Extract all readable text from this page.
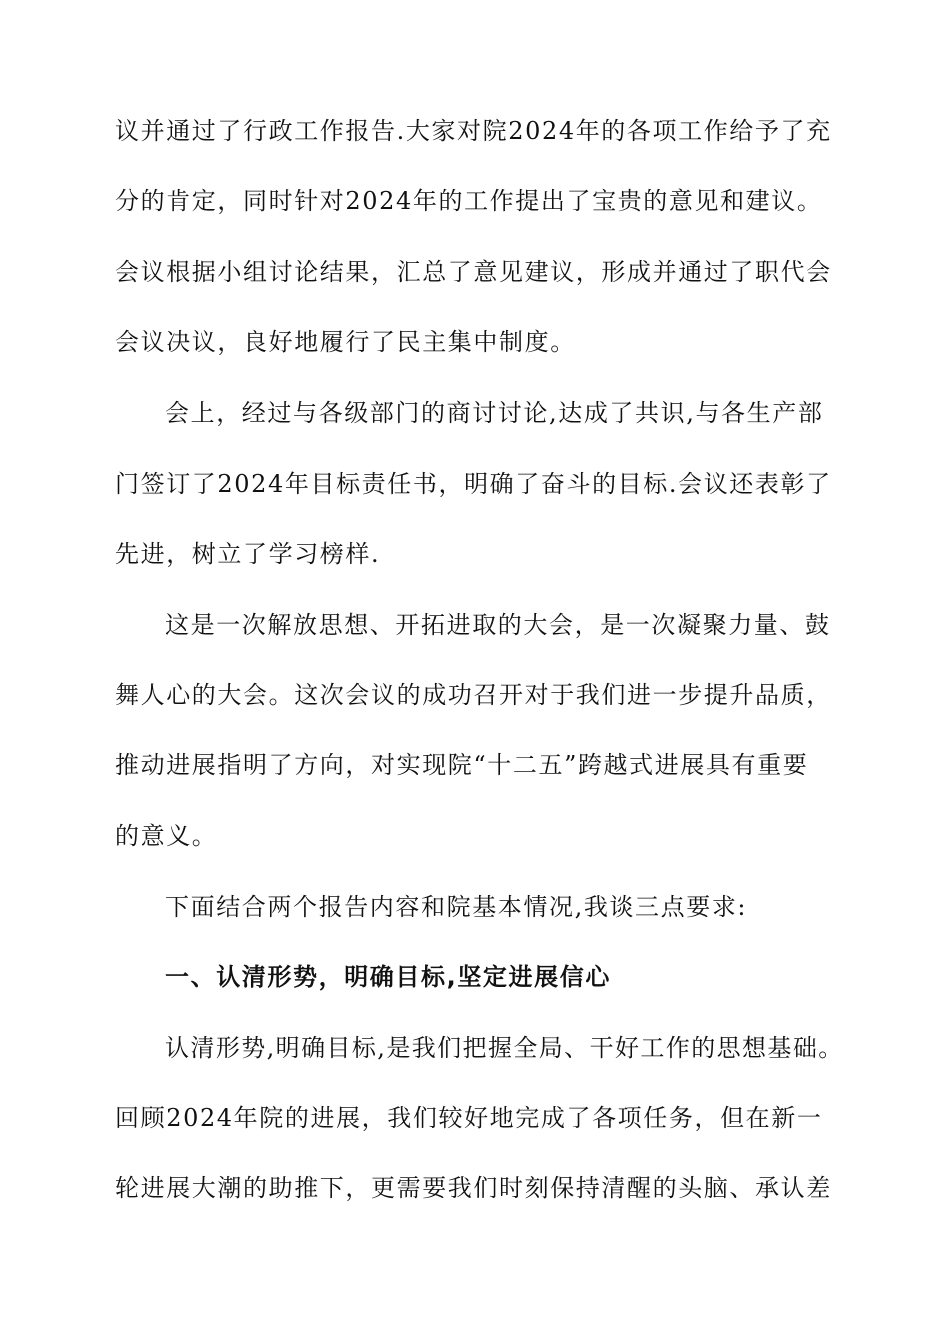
议并通过了行政工作报告.大家对院2024年的各项工作给予了充
分的肯定，同时针对2024年的工作提出了宝贵的意见和建议。
会议根据小组讨论结果，汇总了意见建议，形成并通过了职代会
会议决议，良好地履行了民主集中制度。
会上，经过与各级部门的商讨讨论,达成了共识,与各生产部
门签订了2024年目标责任书，明确了奋斗的目标.会议还表彰了
先进，树立了学习榜样.
这是一次解放思想、开拓进取的大会，是一次凝聚力量、鼓
舞人心的大会。这次会议的成功召开对于我们进一步提升品质，
推动进展指明了方向，对实现院“十二五”跨越式进展具有重要
的意义。
下面结合两个报告内容和院基本情况,我谈三点要求:
一、认清形势，明确目标,坚定进展信心
认清形势,明确目标,是我们把握全局、干好工作的思想基础。
回顾2024年院的进展，我们较好地完成了各项任务，但在新一
轮进展大潮的助推下，更需要我们时刻保持清醒的头脑、承认差
